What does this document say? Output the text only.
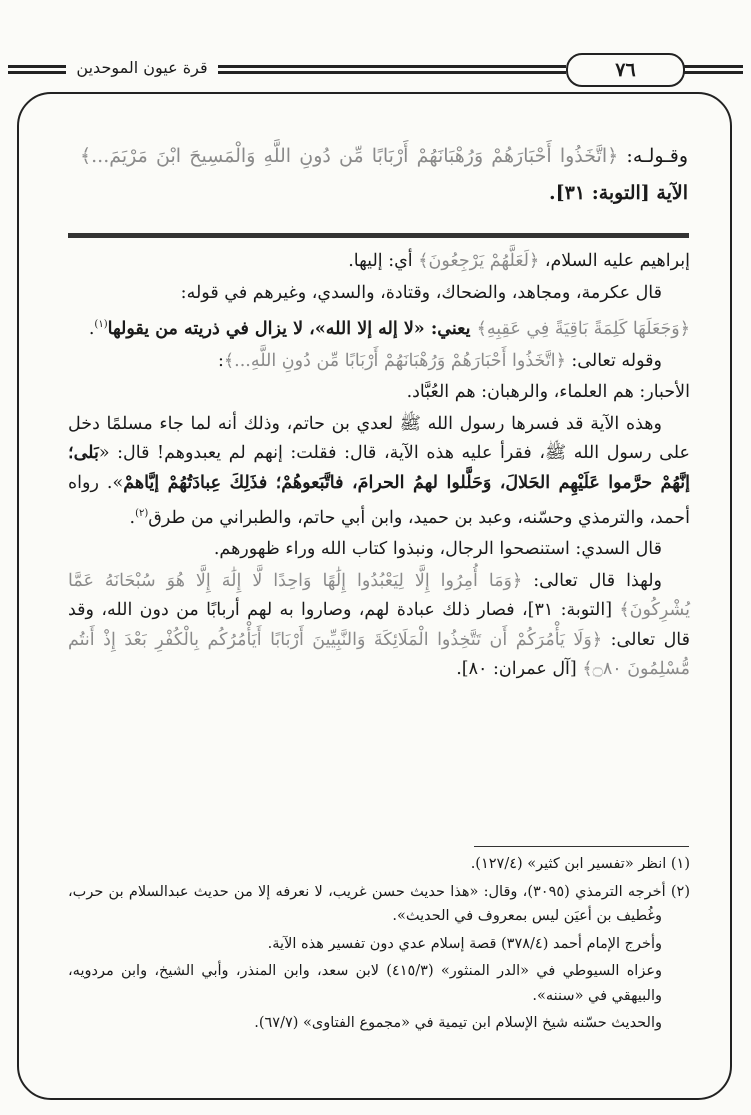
قرة عيون الموحدين	٧٦
وقـولـه: ﴿اتَّخَذُوا أَحْبَارَهُمْ وَرُهْبَانَهُمْ أَرْبَابًا مِّن دُونِ اللَّهِ وَالْمَسِيحَ ابْنَ مَرْيَمَ...﴾ الآية [التوبة: ٣١].

إبراهيم عليه السلام، ﴿لَعَلَّهُمْ يَرْجِعُونَ﴾ أي: إليها.

قال عكرمة، ومجاهد، والضحاك، وقتادة، والسدي، وغيرهم في قوله:

﴿وَجَعَلَهَا كَلِمَةً بَاقِيَةً فِي عَقِبِهِ﴾ يعني: «لا إله إلا الله»، لا يزال في ذريته من يقولها$^{(١)}$.

وقوله تعالى: ﴿اتَّخَذُوا أَحْبَارَهُمْ وَرُهْبَانَهُمْ أَرْبَابًا مِّن دُونِ اللَّهِ...﴾:

الأحبار: هم العلماء، والرهبان: هم العُبَّاد.

وهذه الآية قد فسرها رسول الله ﷺ لعدي بن حاتم، وذلك أنه لما جاء مسلمًا دخل على رسول الله ﷺ، فقرأ عليه هذه الآية، قال: فقلت: إنهم لم يعبدوهم! قال: «بَلى؛ إنَّهُمْ حرَّموا عَلَيْهِم الحَلالَ، وَحَلَّلوا لهمُ الحرامَ، فاتَّبَعوهُمْ؛ فذَلِكَ عِبادَتُهُمْ إيَّاهمْ». رواه أحمد، والترمذي وحسّنه، وعبد بن حميد، وابن أبي حاتم، والطبراني من طرق$^{(٢)}$.

قال السدي: استنصحوا الرجال، ونبذوا كتاب الله وراء ظهورهم.

ولهذا قال تعالى: ﴿وَمَا أُمِرُوا إِلَّا لِيَعْبُدُوا إِلَٰهًا وَاحِدًا لَّا إِلَٰهَ إِلَّا هُوَ سُبْحَانَهُ عَمَّا يُشْرِكُونَ﴾ [التوبة: ٣١]، فصار ذلك عبادة لهم، وصاروا به لهم أربابًا من دون الله، وقد قال تعالى: ﴿وَلَا يَأْمُرَكُمْ أَن تَتَّخِذُوا الْمَلَائِكَةَ وَالنَّبِيِّينَ أَرْبَابًا أَيَأْمُرُكُم بِالْكُفْرِ بَعْدَ إِذْ أَنتُم مُّسْلِمُونَ ۝٨٠﴾ [آل عمران: ٨٠].

(١) انظر «تفسير ابن كثير» (١٢٧/٤).

(٢) أخرجه الترمذي (٣٠٩٥)، وقال: «هذا حديث حسن غريب، لا نعرفه إلا من حديث عبدالسلام بن حرب، وغُطيف بن أعيَن ليس بمعروف في الحديث».

وأخرج الإمام أحمد (٣٧٨/٤) قصة إسلام عدي دون تفسير هذه الآية.

وعزاه السيوطي في «الدر المنثور» (٤١٥/٣) لابن سعد، وابن المنذر، وأبي الشيخ، وابن مردويه، والبيهقي في «سننه».

والحديث حسّنه شيخ الإسلام ابن تيمية في «مجموع الفتاوى» (٦٧/٧).
